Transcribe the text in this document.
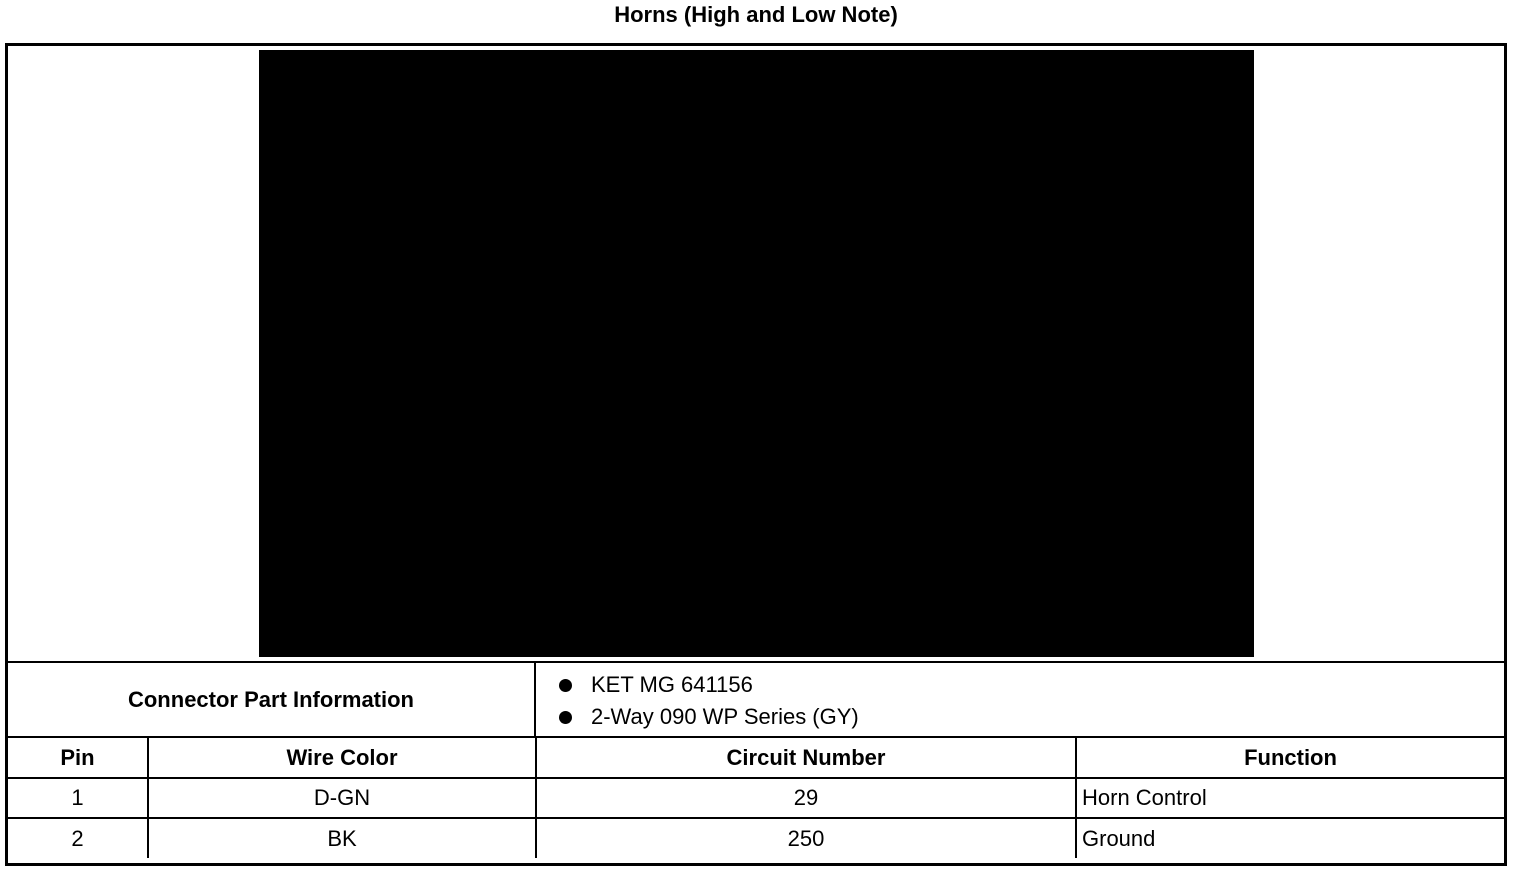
Horns (High and Low Note)
Connector Part Information
KET MG 641156
2-Way 090 WP Series (GY)
Pin	Wire Color	Circuit Number	Function
1	D-GN	29	Horn Control
2	BK	250	Ground
